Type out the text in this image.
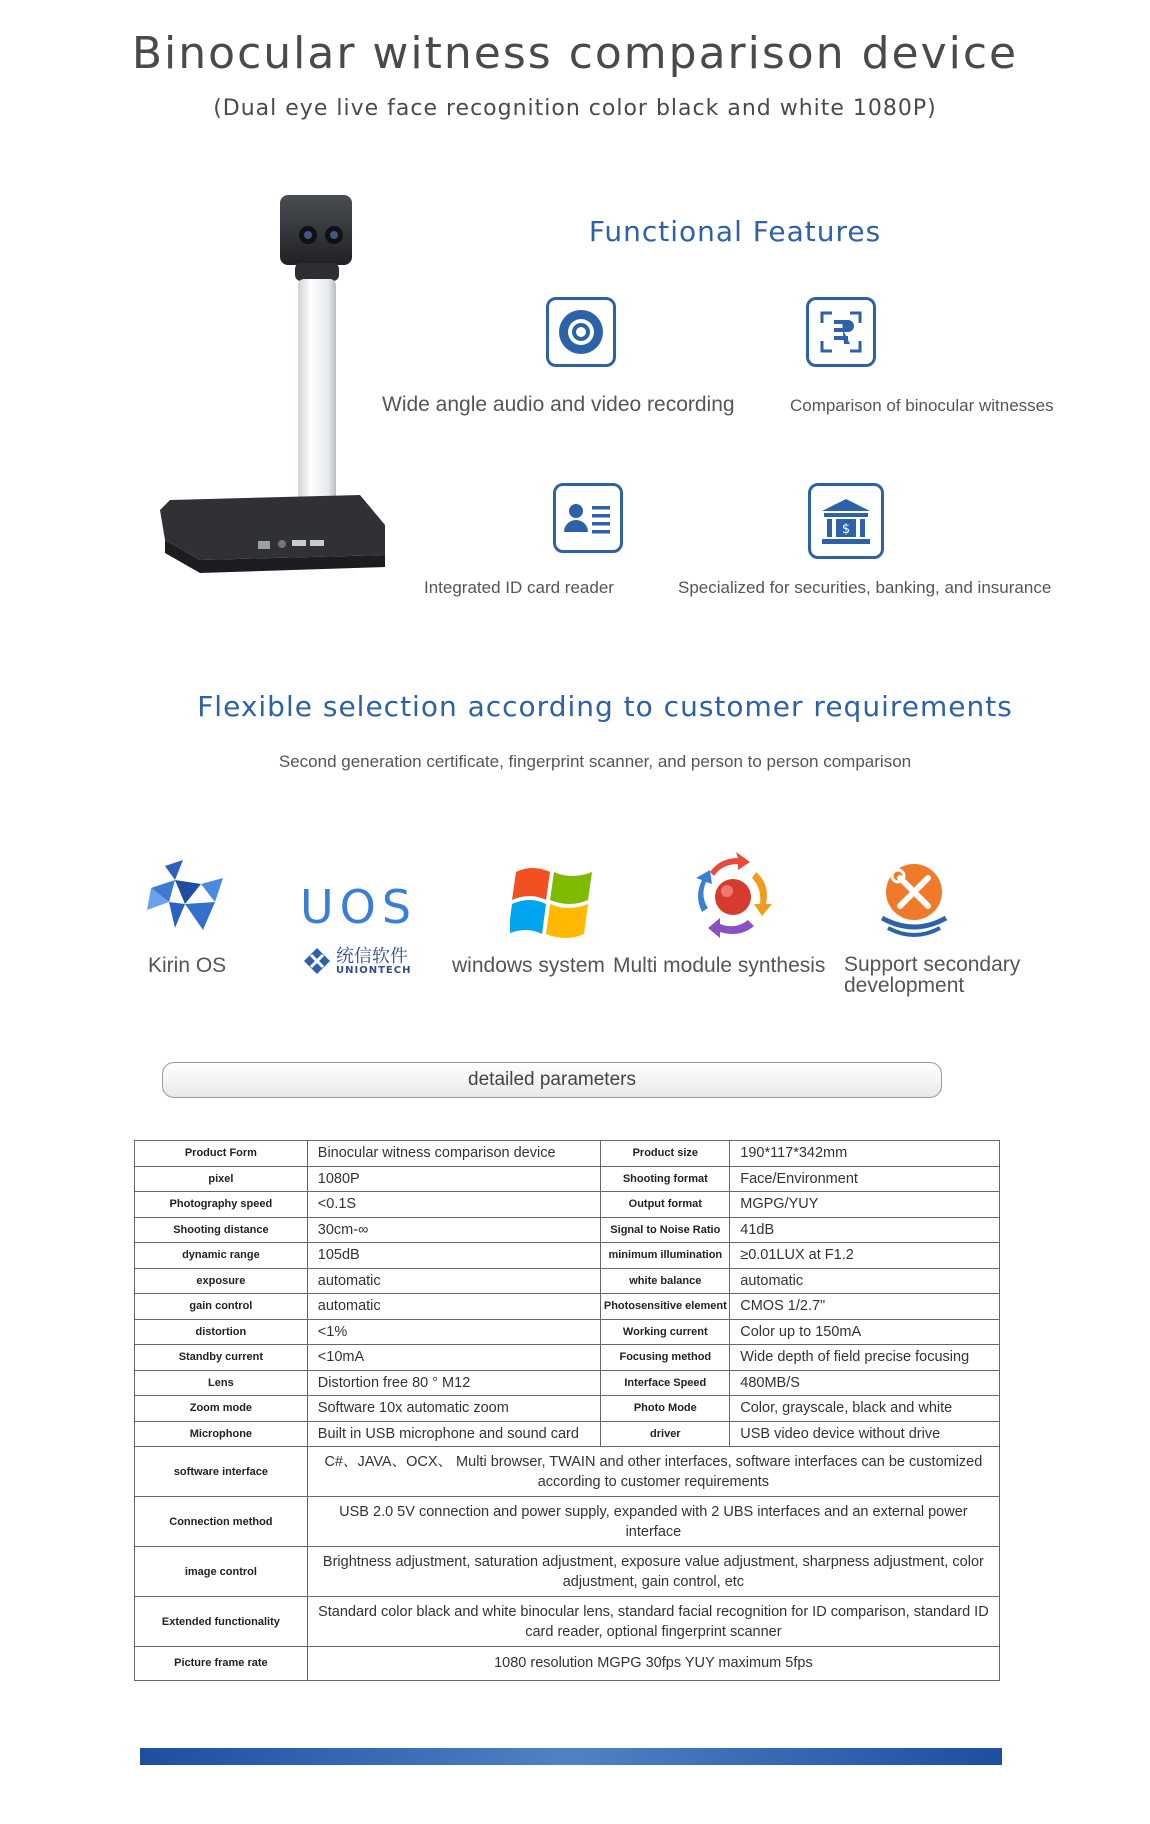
Binocular witness comparison device
(Dual eye live face recognition color black and white 1080P)
Functional Features
Wide angle audio and video recording	Comparison of binocular witnesses
Integrated ID card reader
$
Specialized for securities, banking, and insurance
Flexible selection according to customer requirements
Second generation certificate, fingerprint scanner, and person to person comparison
Kirin OS
UOS
统信软件
UNIONTECH windows system Multi module synthesis Support secondary
development
detailed parameters
Product Form	Binocular witness comparison device	Product size	190*117*342mm
pixel	1080P	Shooting format	Face/Environment
Photography speed	<0.1S	Output format	MGPG/YUY
Shooting distance	30cm-∞	Signal to Noise Ratio	41dB
dynamic range	105dB	minimum illumination	≥0.01LUX at F1.2
exposure	automatic	white balance	automatic
gain control	automatic	Photosensitive element	CMOS 1/2.7"
distortion	<1%	Working current	Color up to 150mA
Standby current	<10mA	Focusing method	Wide depth of field precise focusing
Lens	Distortion free 80 ° M12	Interface Speed	480MB/S
Zoom mode	Software 10x automatic zoom	Photo Mode	Color, grayscale, black and white
Microphone	Built in USB microphone and sound card	driver	USB video device without drive
software interface	C#、JAVA、OCX、 Multi browser, TWAIN and other interfaces, software interfaces can be customized according to customer requirements		
Connection method	USB 2.0 5V connection and power supply, expanded with 2 UBS interfaces and an external power interface		
image control	Brightness adjustment, saturation adjustment, exposure value adjustment, sharpness adjustment, color adjustment, gain control, etc		
Extended functionality	Standard color black and white binocular lens, standard facial recognition for ID comparison, standard ID card reader, optional fingerprint scanner		
Picture frame rate	1080 resolution MGPG 30fps YUY maximum 5fps		
